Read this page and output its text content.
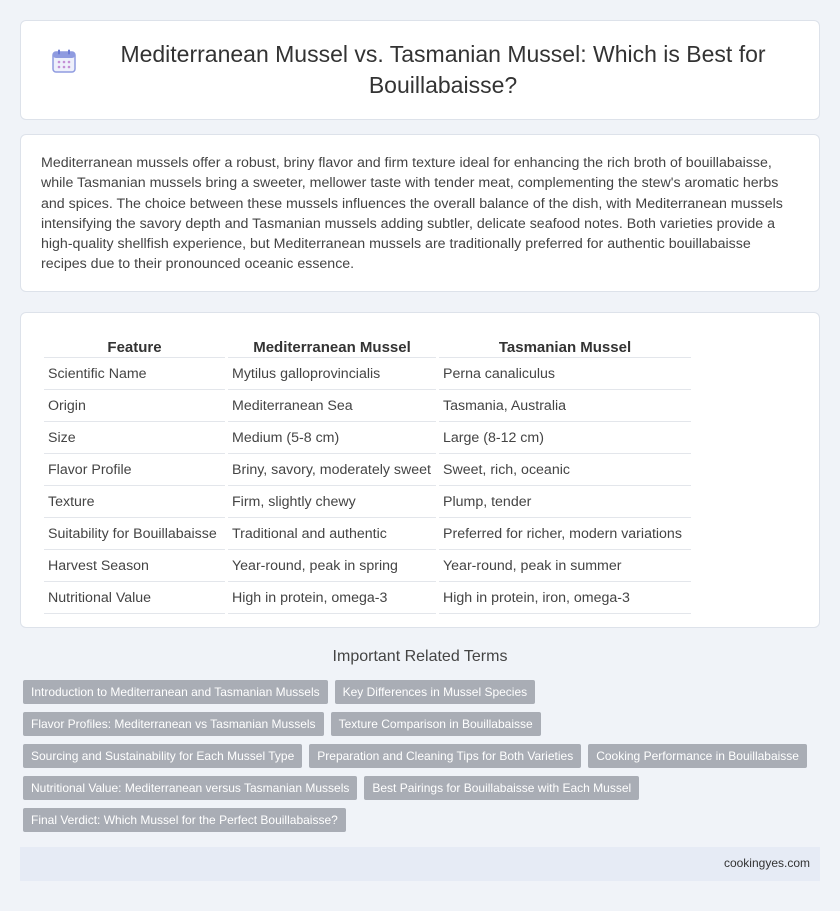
Mediterranean Mussel vs. Tasmanian Mussel: Which is Best for Bouillabaisse?

Mediterranean mussels offer a robust, briny flavor and firm texture ideal for enhancing the rich broth of bouillabaisse, while Tasmanian mussels bring a sweeter, mellower taste with tender meat, complementing the stew's aromatic herbs and spices. The choice between these mussels influences the overall balance of the dish, with Mediterranean mussels intensifying the savory depth and Tasmanian mussels adding subtler, delicate seafood notes. Both varieties provide a high-quality shellfish experience, but Mediterranean mussels are traditionally preferred for authentic bouillabaisse recipes due to their pronounced oceanic essence.

Feature	Mediterranean Mussel	Tasmanian Mussel
Scientific Name	Mytilus galloprovincialis	Perna canaliculus
Origin	Mediterranean Sea	Tasmania, Australia
Size	Medium (5-8 cm)	Large (8-12 cm)
Flavor Profile	Briny, savory, moderately sweet	Sweet, rich, oceanic
Texture	Firm, slightly chewy	Plump, tender
Suitability for Bouillabaisse	Traditional and authentic	Preferred for richer, modern variations
Harvest Season	Year-round, peak in spring	Year-round, peak in summer
Nutritional Value	High in protein, omega-3	High in protein, iron, omega-3
Important Related Terms
Introduction to Mediterranean and Tasmanian Mussels	Key Differences in Mussel Species
Flavor Profiles: Mediterranean vs Tasmanian Mussels	Texture Comparison in Bouillabaisse
Sourcing and Sustainability for Each Mussel Type	Preparation and Cleaning Tips for Both Varieties	Cooking Performance in Bouillabaisse
Nutritional Value: Mediterranean versus Tasmanian Mussels	Best Pairings for Bouillabaisse with Each Mussel
Final Verdict: Which Mussel for the Perfect Bouillabaisse?
cookingyes.com
